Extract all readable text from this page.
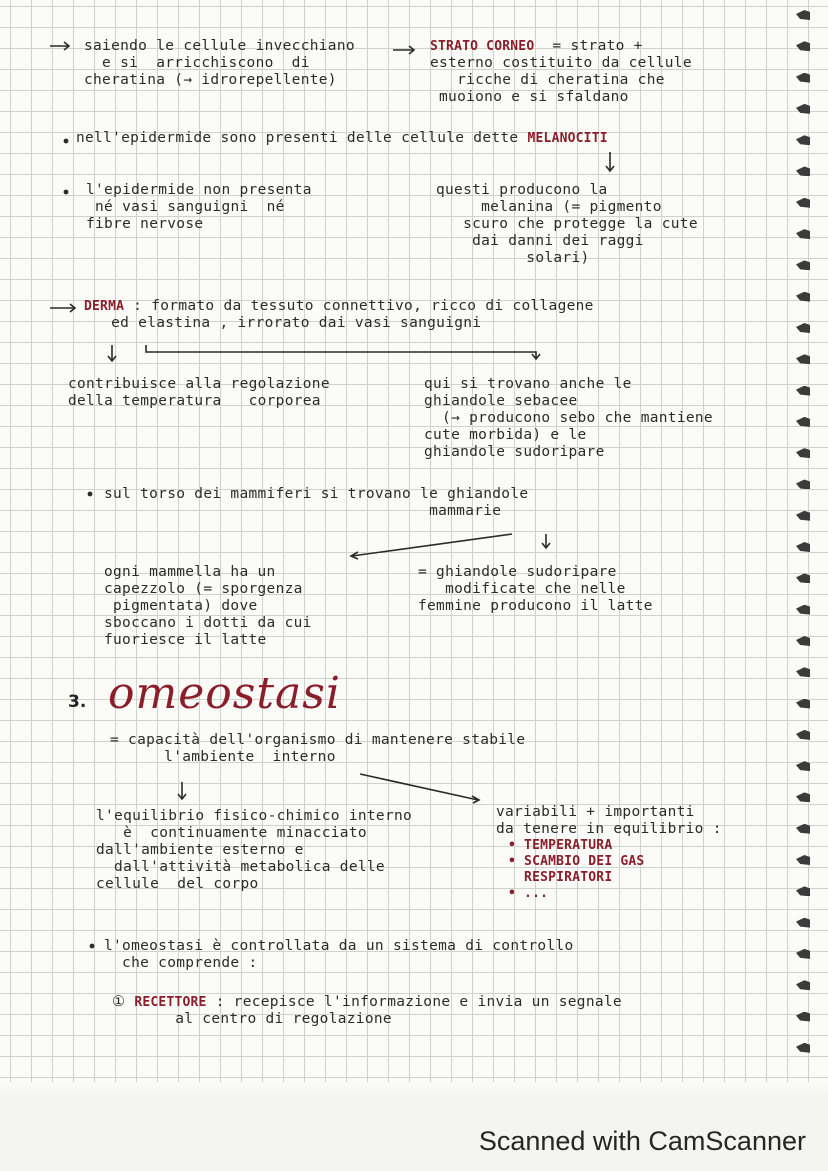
saiendo le cellule invecchiano
e si  arricchiscono  di
cheratina (→ idrorepellente)

STRATO CORNEO  = strato +
esterno costituito da cellule
ricche di cheratina che
muoiono e si sfaldano

nell'epidermide sono presenti delle cellule dette MELANOCITI

l'epidermide non presenta
né vasi sanguigni  né
fibre nervose

questi producono la
melanina (= pigmento
scuro che protegge la cute
dai danni dei raggi
solari)

DERMA : formato da tessuto connettivo, ricco di collagene
ed elastina , irrorato dai vasi sanguigni

contribuisce alla regolazione
della temperatura   corporea

qui si trovano anche le
ghiandole sebacee
(→ producono sebo che mantiene
cute morbida) e le
ghiandole sudoripare

sul torso dei mammiferi si trovano le ghiandole
mammarie

ogni mammella ha un
capezzolo (= sporgenza
pigmentata) dove
sboccano i dotti da cui
fuoriesce il latte

= ghiandole sudoripare
modificate che nelle
femmine producono il latte

3. omeostasi

= capacità dell'organismo di mantenere stabile
l'ambiente  interno

l'equilibrio fisico-chimico interno
è  continuamente minacciato
dall'ambiente esterno e
dall'attività metabolica delle
cellule  del corpo

variabili + importanti
da tenere in equilibrio :

• TEMPERATURA

• SCAMBIO DEI GAS

RESPIRATORI

• ...

l'omeostasi è controllata da un sistema di controllo
che comprende :

① RECETTORE : recepisce l'informazione e invia un segnale
al centro di regolazione

Scanned with CamScanner
